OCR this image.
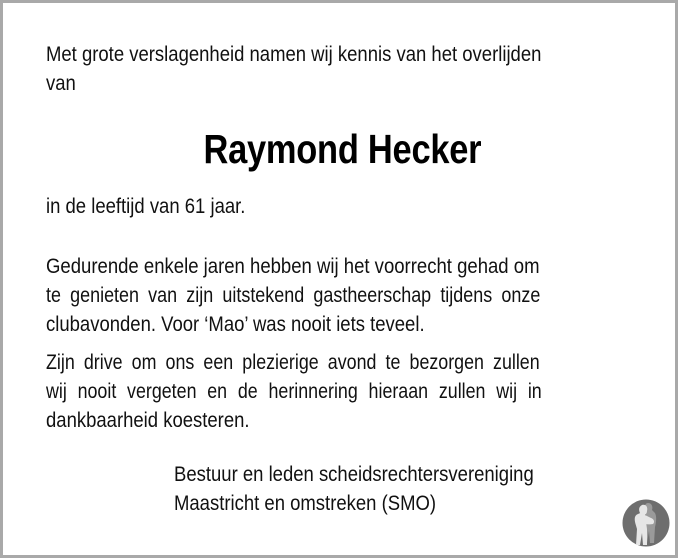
Met grote verslagenheid namen wij kennis van het overlijden
van
Raymond Hecker
in de leeftijd van 61 jaar.
Gedurende enkele jaren hebben wij het voorrecht gehad om
te genieten van zijn uitstekend gastheerschap tijdens onze
clubavonden. Voor ‘Mao’ was nooit iets teveel.
Zijn drive om ons een plezierige avond te bezorgen zullen
wij nooit vergeten en de herinnering hieraan zullen wij in
dankbaarheid koesteren.
Bestuur en leden scheidsrechtersvereniging
Maastricht en omstreken (SMO)
